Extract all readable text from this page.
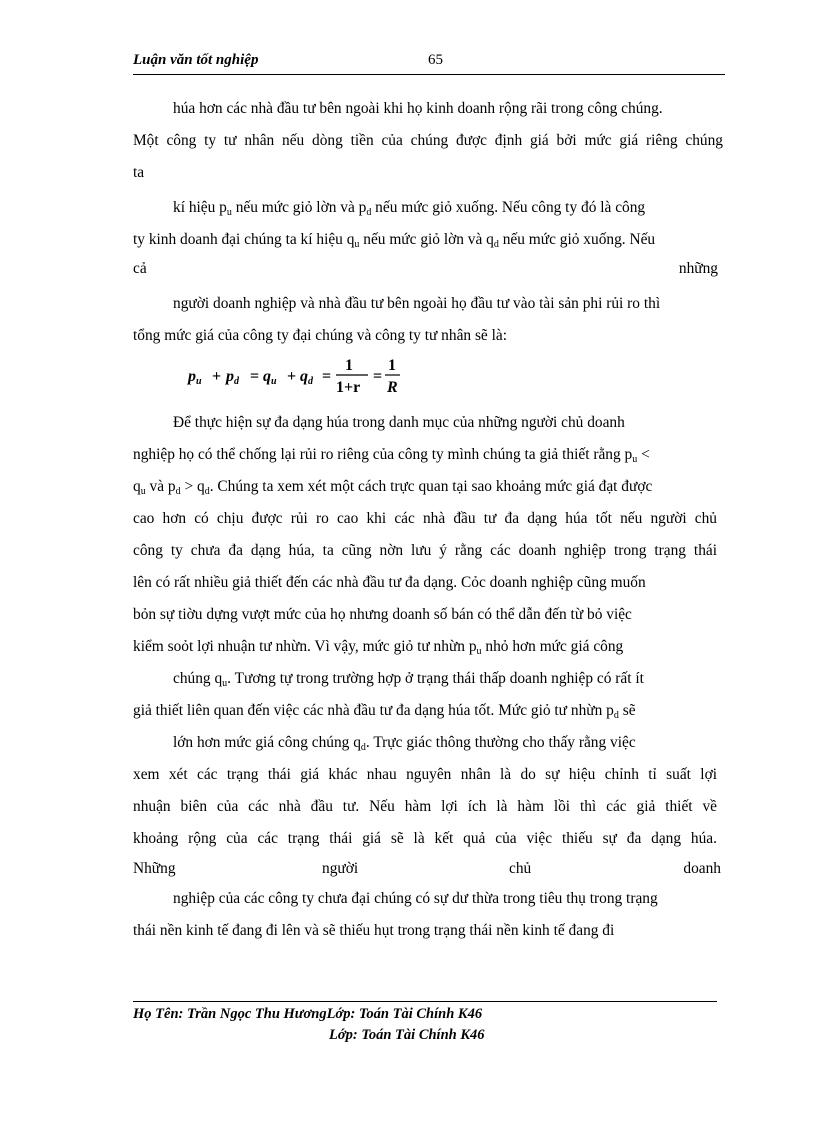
Luận văn tốt nghiệp	65
húa hơn các nhà đầu tư bên ngoài khi họ kinh doanh rộng rãi trong công chúng.
Một công ty tư nhân nếu dòng tiền của chúng được định giá bởi mức giá riêng chúng
ta
kí hiệu $p_u$ nếu mức giỏ lờn và $p_d$ nếu mức giỏ xuống. Nếu công ty đó là công
ty kinh doanh đại chúng ta kí hiệu $q_u$ nếu mức giỏ lờn và $q_d$ nếu mức giỏ xuống. Nếu
cả	những
người doanh nghiệp và nhà đầu tư bên ngoài họ đầu tư vào tài sản phi rủi ro thì
tổng mức giá của công ty đại chúng và công ty tư nhân sẽ là:
Để thực hiện sự đa dạng húa trong danh mục của những người chủ doanh
nghiệp họ có thể chống lại rủi ro riêng của công ty mình chúng ta giả thiết rằng $p_u$ <
$q_u$ và $p_d > q_d$. Chúng ta xem xét một cách trực quan tại sao khoảng mức giá đạt được
cao hơn có chịu được rủi ro cao khi các nhà đầu tư đa dạng húa tốt nếu người chủ
công ty chưa đa dạng húa, ta cũng nờn lưu ý rằng các doanh nghiệp trong trạng thái
lên có rất nhiều giả thiết đến các nhà đầu tư đa dạng. Cỏc doanh nghiệp cũng muốn
bỏn sự tiờu dựng vượt mức của họ nhưng doanh số bán có thể dẫn đến từ bỏ việc
kiểm soỏt lợi nhuận tư nhừn. Vì vậy, mức giỏ tư nhừn $p_u$ nhỏ hơn mức giá công
chúng $q_u$. Tương tự trong trường hợp ở trạng thái thấp doanh nghiệp có rất ít
giả thiết liên quan đến việc các nhà đầu tư đa dạng húa tốt. Mức giỏ tư nhừn $p_d$ sẽ
lớn hơn mức giá công chúng $q_d$. Trực giác thông thường cho thấy rằng việc
xem xét các trạng thái giá khác nhau nguyên nhân là do sự hiệu chỉnh tỉ suất lợi
nhuận biên của các nhà đầu tư. Nếu hàm lợi ích là hàm lồi thì các giả thiết về
khoảng rộng của các trạng thái giá sẽ là kết quả của việc thiếu sự đa dạng húa.
Những	người	chủ	doanh
nghiệp của các công ty chưa đại chúng có sự dư thừa trong tiêu thụ trong trạng
thái nền kinh tế đang đi lên và sẽ thiếu hụt trong trạng thái nền kinh tế đang đi
pu + pd = qu + qd =
1
1+r
=
1
R
Họ Tên: Trần Ngọc Thu HươngLớp: Toán Tài Chính K46
Lớp: Toán Tài Chính K46
